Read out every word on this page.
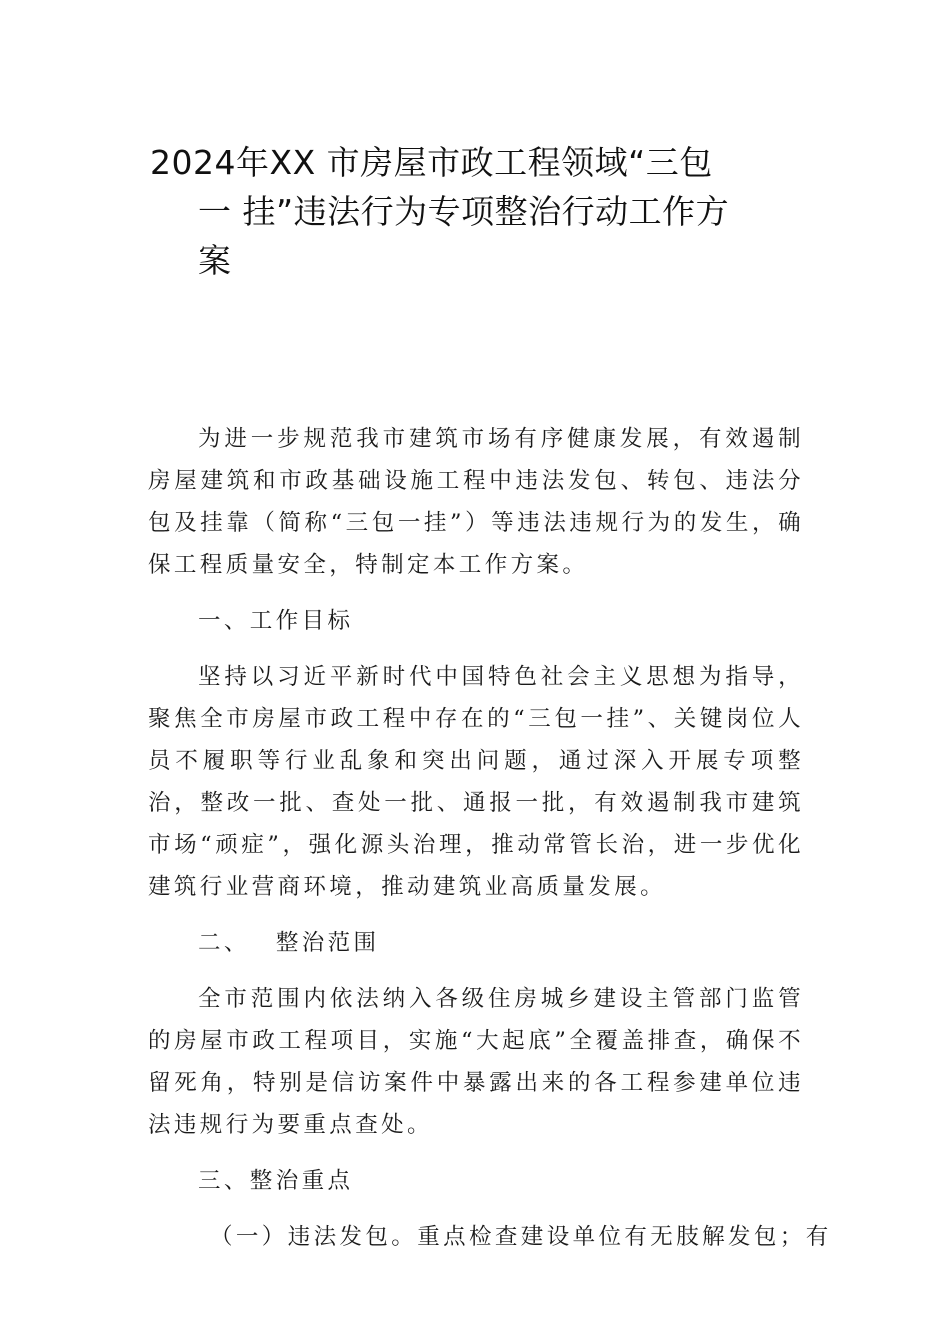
2024年XX 市房屋市政工程领域“三包
一 挂”违法行为专项整治行动工作方
案

为进一步规范我市建筑市场有序健康发展，有效遏制房屋建筑和市政基础设施工程中违法发包、转包、违法分包及挂靠（简称“三包一挂”）等违法违规行为的发生，确保工程质量安全，特制定本工作方案。

一、工作目标

坚持以习近平新时代中国特色社会主义思想为指导，聚焦全市房屋市政工程中存在的“三包一挂”、关键岗位人员不履职等行业乱象和突出问题，通过深入开展专项整治，整改一批、查处一批、通报一批，有效遏制我市建筑市场“顽症”，强化源头治理，推动常管长治，进一步优化建筑行业营商环境，推动建筑业高质量发展。

二、 整治范围

全市范围内依法纳入各级住房城乡建设主管部门监管的房屋市政工程项目，实施“大起底”全覆盖排查，确保不留死角，特别是信访案件中暴露出来的各工程参建单位违法违规行为要重点查处。

三、整治重点

（一）违法发包。重点检查建设单位有无肢解发包；有
